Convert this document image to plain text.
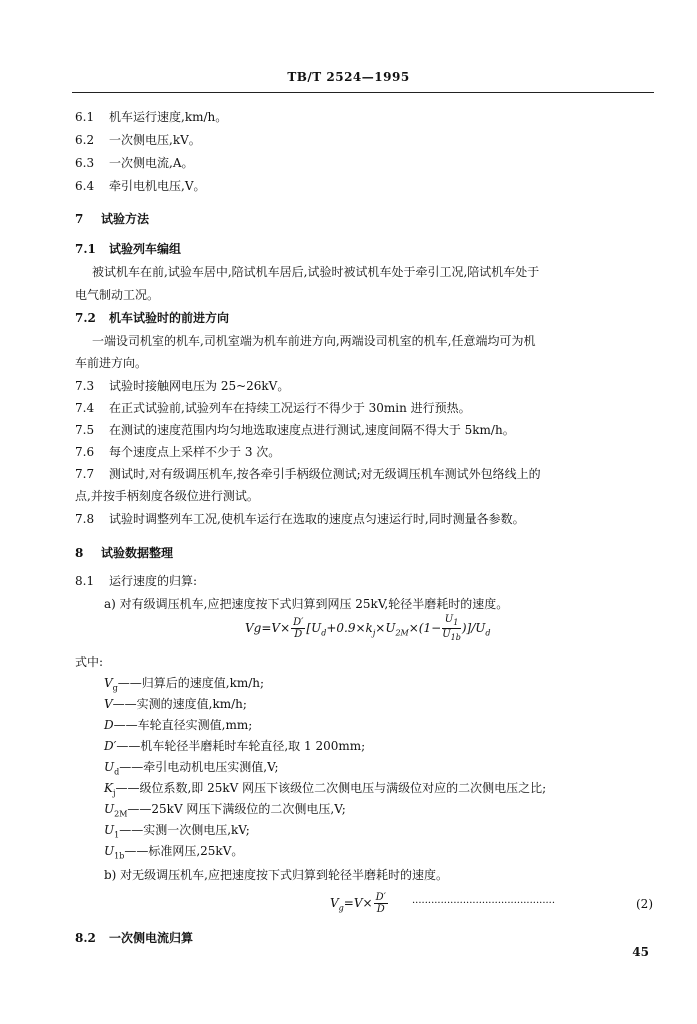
TB/T 2524—1995
6.1 机车运行速度,km/h。
6.2 一次侧电压,kV。
6.3 一次侧电流,A。
6.4 牵引电机电压,V。
7 试验方法
7.1 试验列车编组
被试机车在前,试验车居中,陪试机车居后,试验时被试机车处于牵引工况,陪试机车处于
电气制动工况。
7.2 机车试验时的前进方向
一端设司机室的机车,司机室端为机车前进方向,两端设司机室的机车,任意端均可为机
车前进方向。
7.3 试验时接触网电压为 25~26kV。
7.4 在正式试验前,试验列车在持续工况运行不得少于 30min 进行预热。
7.5 在测试的速度范围内均匀地选取速度点进行测试,速度间隔不得大于 5km/h。
7.6 每个速度点上采样不少于 3 次。
7.7 测试时,对有级调压机车,按各牵引手柄级位测试;对无级调压机车测试外包络线上的
点,并按手柄刻度各级位进行测试。
7.8 试验时调整列车工况,使机车运行在选取的速度点匀速运行时,同时测量各参数。
8 试验数据整理
8.1 运行速度的归算:
a) 对有级调压机车,应把速度按下式归算到网压 25kV,轮径半磨耗时的速度。
$Vg=V\times \frac{D'}{D} [U_d+0.9\times k_j\times U_{2M}\times(1- \frac{U_1}{U_{1b}} )]/U_d$
式中:
$V_g——$归算后的速度值,km/h;
V——实测的速度值,km/h;
D——车轮直径实测值,mm;
D′——机车轮径半磨耗时车轮直径,取 1 200mm;
$U_d——$牵引电动机电压实测值,V;
$K_j——$级位系数,即 25kV 网压下该级位二次侧电压与满级位对应的二次侧电压之比;
$U_{2M}——25kV$ 网压下满级位的二次侧电压,V;
$U_1——$实测一次侧电压,kV;
$U_{1b}——$标准网压,25kV。
b) 对无级调压机车,应把速度按下式归算到轮径半磨耗时的速度。
$V_g=V\times \frac{D'}{D}$ ·············································	(2)
8.2 一次侧电流归算
45
